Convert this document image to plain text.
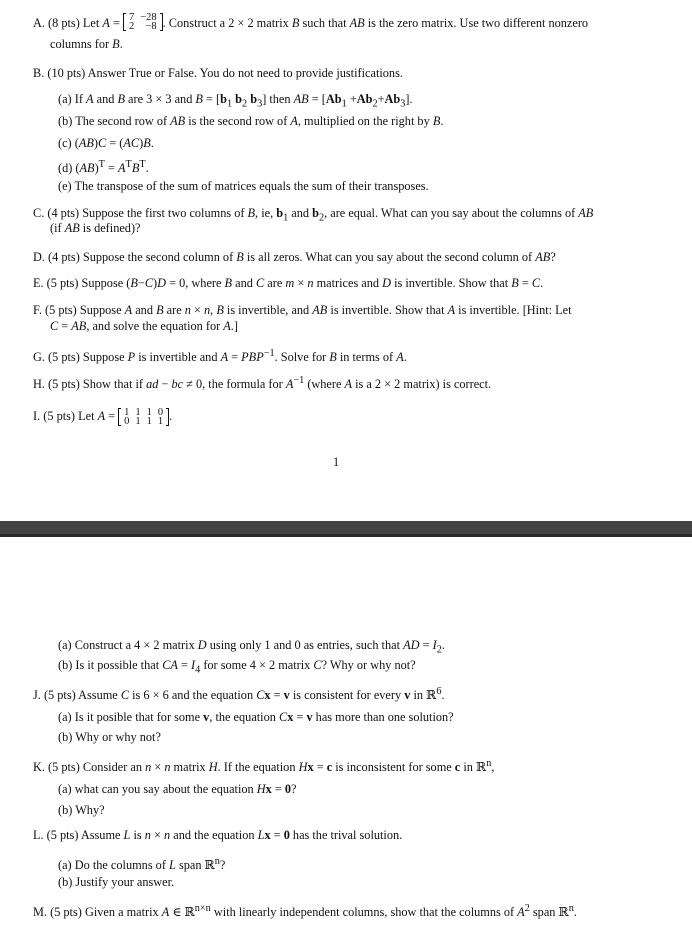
A. (8 pts) Let A = 7	−28
2	−8 . Construct a 2 × 2 matrix B such that AB is the zero matrix. Use two different nonzero
columns for B.
B. (10 pts) Answer True or False. You do not need to provide justifications.
(a) If A and B are 3 × 3 and $B = [b_1$ $b_2$ $b_3$] then AB = $[Ab_1 +Ab_2+Ab_3]$.
(b) The second row of AB is the second row of A, multiplied on the right by B.
(c) (AB)C = (AC)B.
(d) $(AB)^T = A^TB^T$.
(e) The transpose of the sum of matrices equals the sum of their transposes.
C. (4 pts) Suppose the first two columns of B, ie, $b_1$ and $b_2$, are equal. What can you say about the columns of AB
(if AB is defined)?
D. (4 pts) Suppose the second column of B is all zeros. What can you say about the second column of AB?
E. (5 pts) Suppose (B−C)D = 0, where B and C are m × n matrices and D is invertible. Show that B = C.
F. (5 pts) Suppose A and B are n × n, B is invertible, and AB is invertible. Show that A is invertible. [Hint: Let
C = AB, and solve the equation for A.]
G. (5 pts) Suppose P is invertible and $A = PBP^{-1}$. Solve for B in terms of A.
H. (5 pts) Show that if ad − bc ≠ 0, the formula for $A^{-1}$ (where A is a 2 × 2 matrix) is correct.
I. (5 pts) Let A = 1	1	1	0
0	1	1	1 .
1
(a) Construct a 4 × 2 matrix D using only 1 and 0 as entries, such that AD = $I_2$.
(b) Is it possible that CA = $I_4$ for some 4 × 2 matrix C? Why or why not?
J. (5 pts) Assume C is 6 × 6 and the equation Cx = v is consistent for every v in ℝ$^6$.
(a) Is it posible that for some v, the equation Cx = v has more than one solution?
(b) Why or why not?
K. (5 pts) Consider an n × n matrix H. If the equation Hx = c is inconsistent for some c in ℝ$^n$,
(a) what can you say about the equation Hx = 0?
(b) Why?
L. (5 pts) Assume L is n × n and the equation Lx = 0 has the trival solution.
(a) Do the columns of L span ℝ$^n$?
(b) Justify your answer.
M. (5 pts) Given a matrix A ∈ ℝ$^{n\times n}$ with linearly independent columns, show that the columns of $A^2$ span ℝ$^n$.
